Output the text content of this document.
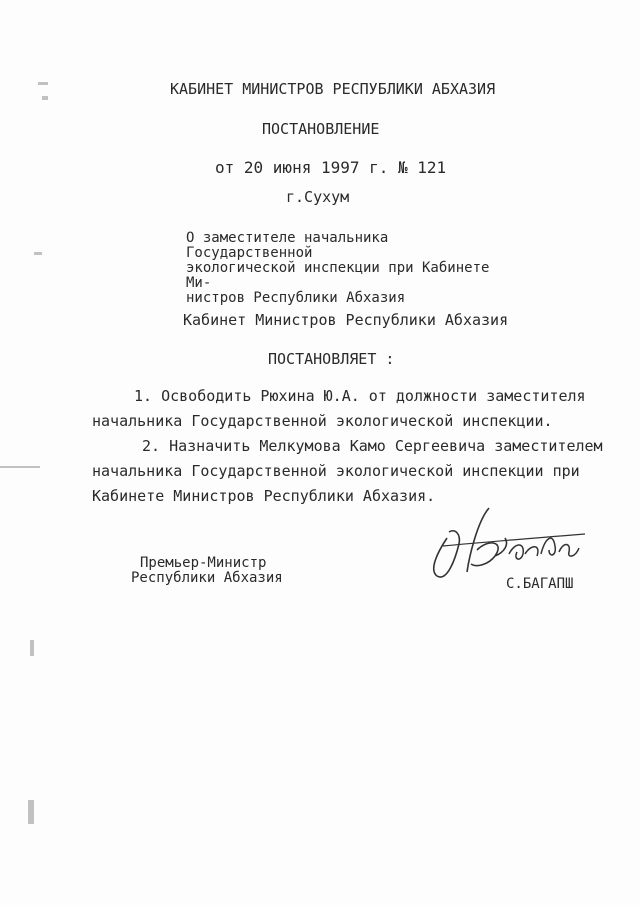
КАБИНЕТ МИНИСТРОВ РЕСПУБЛИКИ АБХАЗИЯ
ПОСТАНОВЛЕНИЕ
от 20 июня 1997 г. № 121
г.Сухум
О заместителе начальника Государственной
экологической инспекции при Кабинете Ми-
нистров Республики Абхазия
Кабинет Министров Республики Абхазия
ПОСТАНОВЛЯЕТ :
1. Освободить Рюхина Ю.А. от должности заместителя начальника Государственной экологической инспекции.
2. Назначить Мелкумова Камо Сергеевича заместителем начальника Государственной экологической инспекции при Кабинете Министров Республики Абхазия.
Премьер-Министр
Республики Абхазия	С.БАГАПШ
